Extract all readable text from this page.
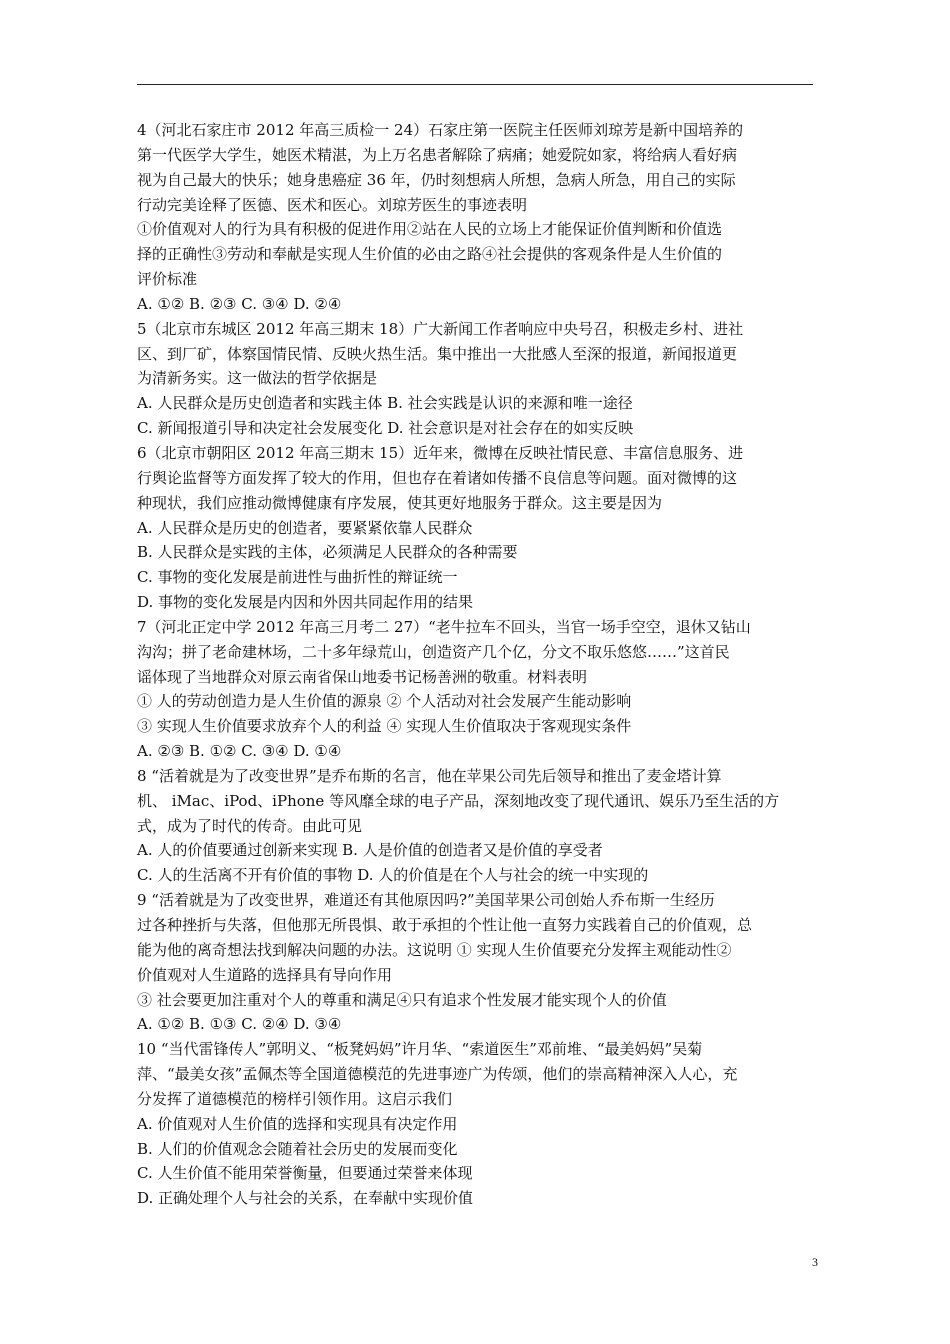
4（河北石家庄市 2012 年高三质检一 24）石家庄第一医院主任医师刘琼芳是新中国培养的
第一代医学大学生，她医术精湛，为上万名患者解除了病痛；她爱院如家，将给病人看好病
视为自己最大的快乐；她身患癌症 36 年，仍时刻想病人所想，急病人所急，用自己的实际
行动完美诠释了医德、医术和医心。刘琼芳医生的事迹表明
①价值观对人的行为具有积极的促进作用②站在人民的立场上才能保证价值判断和价值选
择的正确性③劳动和奉献是实现人生价值的必由之路④社会提供的客观条件是人生价值的
评价标准
A. ①② B. ②③ C. ③④ D. ②④
5（北京市东城区 2012 年高三期末 18）广大新闻工作者响应中央号召，积极走乡村、进社
区、到厂矿，体察国情民情、反映火热生活。集中推出一大批感人至深的报道，新闻报道更
为清新务实。这一做法的哲学依据是
A. 人民群众是历史创造者和实践主体 B. 社会实践是认识的来源和唯一途径
C. 新闻报道引导和决定社会发展变化 D. 社会意识是对社会存在的如实反映
6（北京市朝阳区 2012 年高三期末 15）近年来，微博在反映社情民意、丰富信息服务、进
行舆论监督等方面发挥了较大的作用，但也存在着诸如传播不良信息等问题。面对微博的这
种现状，我们应推动微博健康有序发展，使其更好地服务于群众。这主要是因为
A. 人民群众是历史的创造者，要紧紧依靠人民群众
B. 人民群众是实践的主体，必须满足人民群众的各种需要
C. 事物的变化发展是前进性与曲折性的辩证统一
D. 事物的变化发展是内因和外因共同起作用的结果
7（河北正定中学 2012 年高三月考二 27）“老牛拉车不回头，当官一场手空空，退休又钻山
沟沟；拼了老命建林场，二十多年绿荒山，创造资产几个亿，分文不取乐悠悠……”这首民
谣体现了当地群众对原云南省保山地委书记杨善洲的敬重。材料表明
① 人的劳动创造力是人生价值的源泉 ② 个人活动对社会发展产生能动影响
③ 实现人生价值要求放弃个人的利益 ④ 实现人生价值取决于客观现实条件
A. ②③ B. ①② C. ③④ D. ①④
8 “活着就是为了改变世界”是乔布斯的名言，他在苹果公司先后领导和推出了麦金塔计算
机、 iMac、iPod、iPhone 等风靡全球的电子产品，深刻地改变了现代通讯、娱乐乃至生活的方
式，成为了时代的传奇。由此可见
A. 人的价值要通过创新来实现 B. 人是价值的创造者又是价值的享受者
C. 人的生活离不开有价值的事物 D. 人的价值是在个人与社会的统一中实现的
9 “活着就是为了改变世界，难道还有其他原因吗?”美国苹果公司创始人乔布斯一生经历
过各种挫折与失落，但他那无所畏惧、敢于承担的个性让他一直努力实践着自己的价值观，总
能为他的离奇想法找到解决问题的办法。这说明 ① 实现人生价值要充分发挥主观能动性②
价值观对人生道路的选择具有导向作用
③ 社会要更加注重对个人的尊重和满足④只有追求个性发展才能实现个人的价值
A. ①② B. ①③ C. ②④ D. ③④
10 “当代雷锋传人”郭明义、“板凳妈妈”许月华、“索道医生”邓前堆、“最美妈妈”吴菊
萍、“最美女孩”孟佩杰等全国道德模范的先进事迹广为传颂，他们的崇高精神深入人心，充
分发挥了道德模范的榜样引领作用。这启示我们
A. 价值观对人生价值的选择和实现具有决定作用
B. 人们的价值观念会随着社会历史的发展而变化
C. 人生价值不能用荣誉衡量，但要通过荣誉来体现
D. 正确处理个人与社会的关系，在奉献中实现价值
3
